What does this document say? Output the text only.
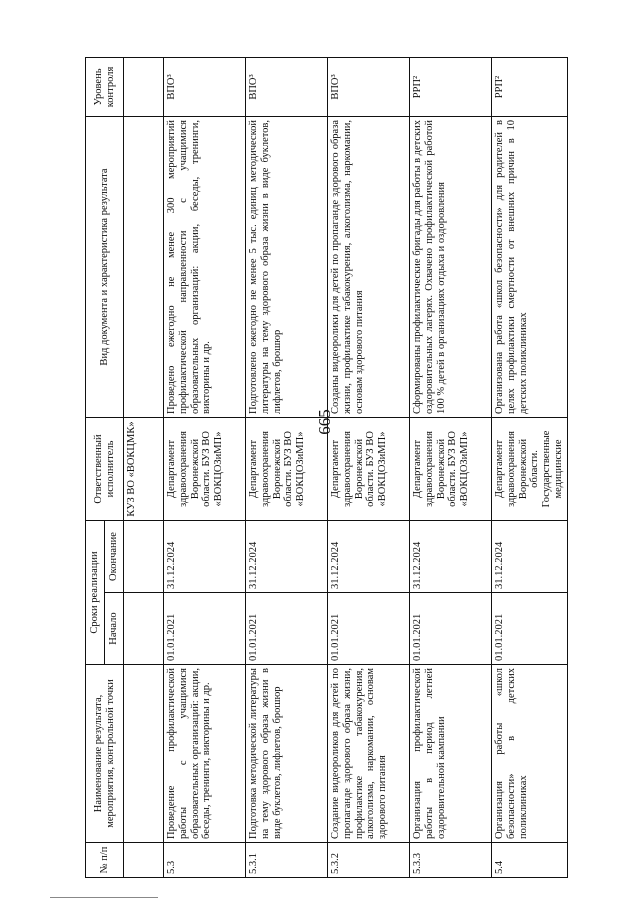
665
№ п/п	Наименование результата, мероприятия, контрольной точки	Сроки реализации		Ответственный исполнитель	Вид документа и характеристика результата	Уровень контроля
		Начало	Окончание			
				КУЗ ВО «ВОКЦМК»		
5.3	Проведение профилактической работы с учащимися образовательных организаций: акции, беседы, тренинги, викторины и др.	01.01.2021	31.12.2024	Департамент здравоохранения Воронежской области. БУЗ ВО «ВОКЦОЗиМП»	Проведено ежегодно не менее 300 мероприятий профилактической направленности с учащимися образовательных организаций: акции, беседы, тренинги, викторины и др.	ВПО³
5.3.1	Подготовка методической литературы на тему здорового образа жизни в виде буклетов, лифлетов, брошюр	01.01.2021	31.12.2024	Департамент здравоохранения Воронежской области. БУЗ ВО «ВОКЦОЗиМП»	Подготовлено ежегодно не менее 5 тыс. единиц методической литературы на тему здорового образа жизни в виде буклетов, лифлетов, брошюр	ВПО³
5.3.2	Создание видеороликов для детей по пропаганде здорового образа жизни, профилактике табакокурения, алкоголизма, наркомании, основам здорового питания	01.01.2021	31.12.2024	Департамент здравоохранения Воронежской области. БУЗ ВО «ВОКЦОЗиМП»	Созданы видеоролики для детей по пропаганде здорового образа жизни, профилактике табакокурения, алкоголизма, наркомании, основам здорового питания	ВПО³
5.3.3	Организация профилактической работы в период летней оздоровительной кампании	01.01.2021	31.12.2024	Департамент здравоохранения Воронежской области. БУЗ ВО «ВОКЦОЗиМП»	Сформированы профилактические бригады для работы в детских оздоровительных лагерях. Охвачено профилактической работой 100 % детей в организациях отдыха и оздоровления	РРП²
5.4	Организация работы «школ безопасности» в детских поликлиниках	01.01.2021	31.12.2024	Департамент здравоохранения Воронежской области. Государственные медицинские	Организована работа «школ безопасности» для родителей в целях профилактики смертности от внешних причин в 10 детских поликлиниках	РРП²
